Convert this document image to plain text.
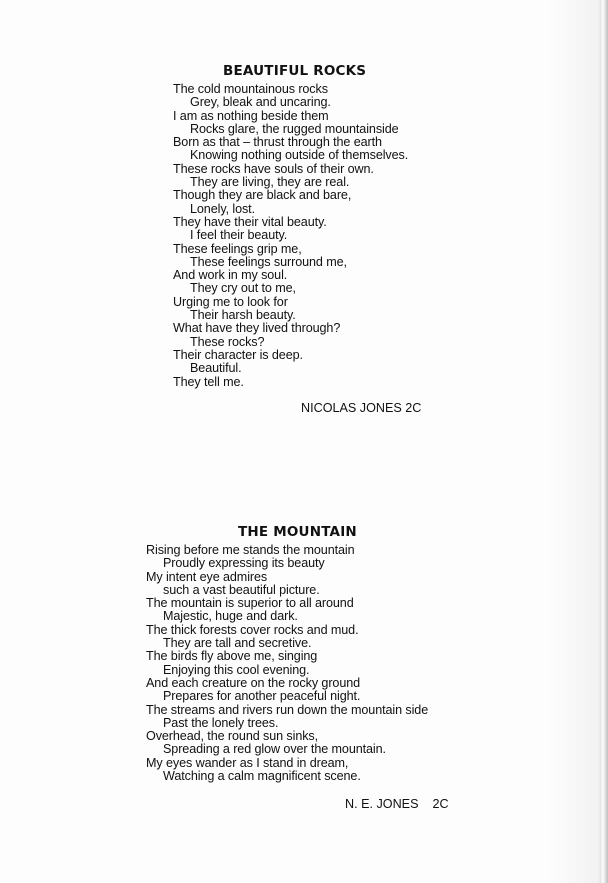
BEAUTIFUL ROCKS
The cold mountainous rocks
Grey, bleak and uncaring.
I am as nothing beside them
Rocks glare, the rugged mountainside
Born as that – thrust through the earth
Knowing nothing outside of themselves.
These rocks have souls of their own.
They are living, they are real.
Though they are black and bare,
Lonely, lost.
They have their vital beauty.
I feel their beauty.
These feelings grip me,
These feelings surround me,
And work in my soul.
They cry out to me,
Urging me to look for
Their harsh beauty.
What have they lived through?
These rocks?
Their character is deep.
Beautiful.
They tell me.
NICOLAS JONES 2C
THE MOUNTAIN
Rising before me stands the mountain
Proudly expressing its beauty
My intent eye admires
such a vast beautiful picture.
The mountain is superior to all around
Majestic, huge and dark.
The thick forests cover rocks and mud.
They are tall and secretive.
The birds fly above me, singing
Enjoying this cool evening.
And each creature on the rocky ground
Prepares for another peaceful night.
The streams and rivers run down the mountain side
Past the lonely trees.
Overhead, the round sun sinks,
Spreading a red glow over the mountain.
My eyes wander as I stand in dream,
Watching a calm magnificent scene.
N. E. JONES    2C
